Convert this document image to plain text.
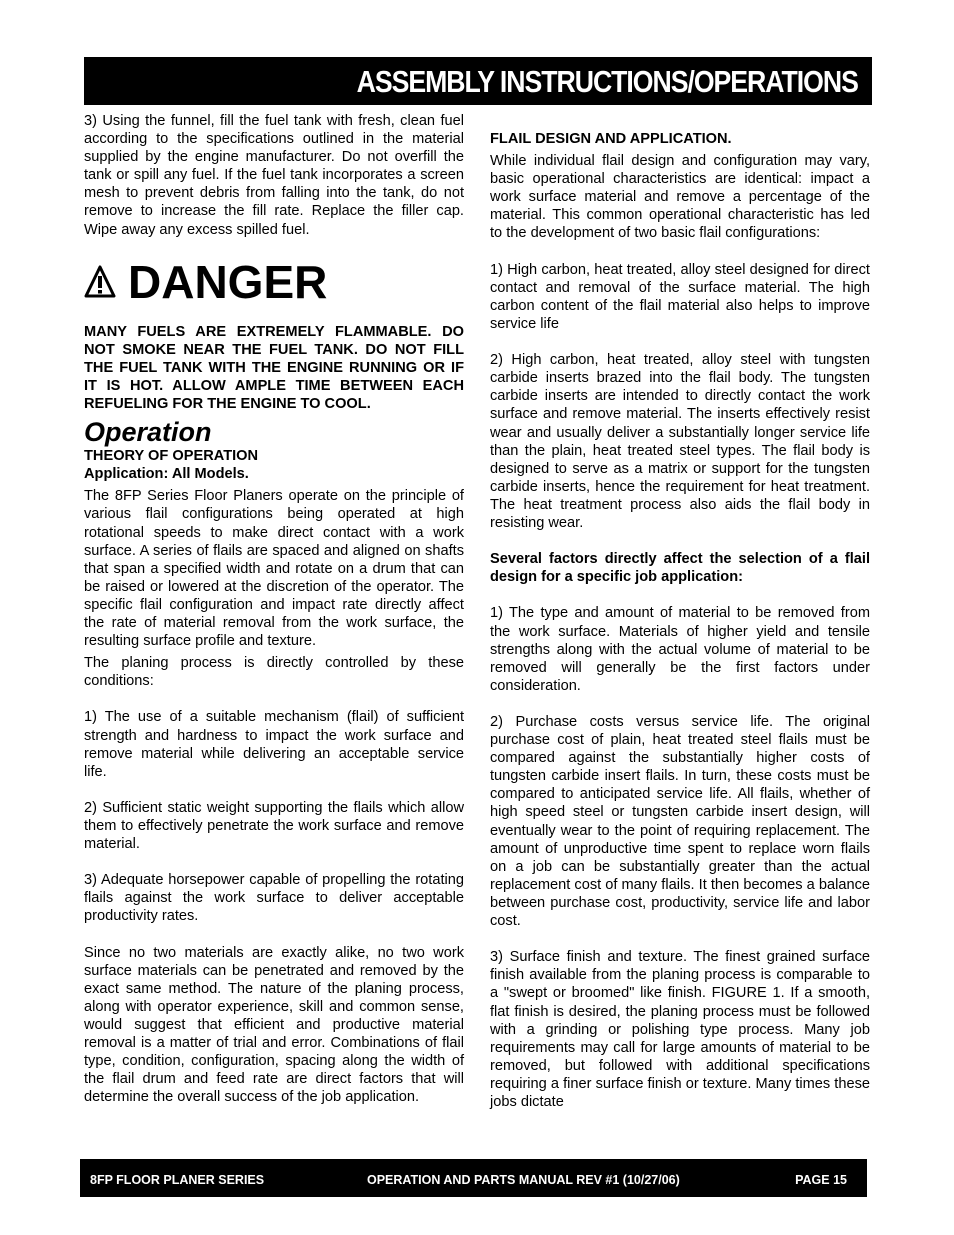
ASSEMBLY INSTRUCTIONS/OPERATIONS

3) Using the funnel, fill the fuel tank with fresh, clean fuel according to the specifications outlined in the material supplied by the engine manufacturer. Do not overfill the tank or spill any fuel. If the fuel tank incorporates a screen mesh to prevent debris from falling into the tank, do not remove to increase the fill rate. Replace the filler cap. Wipe away any excess spilled fuel.

DANGER

MANY FUELS ARE EXTREMELY FLAMMABLE. DO NOT SMOKE NEAR THE FUEL TANK. DO NOT FILL THE FUEL TANK WITH THE ENGINE RUNNING OR IF IT IS HOT. ALLOW AMPLE TIME BETWEEN EACH REFUELING FOR THE ENGINE TO COOL.

Operation
THEORY OF OPERATION
Application: All Models.

The 8FP Series Floor Planers operate on the principle of various flail configurations being operated at high rotational speeds to make direct contact with a work surface. A series of flails are spaced and aligned on shafts that span a specified width and rotate on a drum that can be raised or lowered at the discretion of the operator. The specific flail configuration and impact rate directly affect the rate of material removal from the work surface, the resulting surface profile and texture.

The planing process is directly controlled by these conditions:

1) The use of a suitable mechanism (flail) of sufficient strength and hardness to impact the work surface and remove material while delivering an acceptable service life.

2) Sufficient static weight supporting the flails which allow them to effectively penetrate the work surface and remove material.

3) Adequate horsepower capable of propelling the rotating flails against the work surface to deliver acceptable productivity rates.

Since no two materials are exactly alike, no two work surface materials can be penetrated and removed by the exact same method. The nature of the planing process, along with operator experience, skill and common sense, would suggest that efficient and productive material removal is a matter of trial and error. Combinations of flail type, condition, configuration, spacing along the width of the flail drum and feed rate are direct factors that will determine the overall success of the job application.

FLAIL DESIGN AND APPLICATION.

While individual flail design and configuration may vary, basic operational characteristics are identical: impact a work surface material and remove a percentage of the material. This common operational characteristic has led to the development of two basic flail configurations:

1) High carbon, heat treated, alloy steel designed for direct contact and removal of the surface material. The high carbon content of the flail material also helps to improve service life

2) High carbon, heat treated, alloy steel with tungsten carbide inserts brazed into the flail body. The tungsten carbide inserts are intended to directly contact the work surface and remove material. The inserts effectively resist wear and usually deliver a substantially longer service life than the plain, heat treated steel types. The flail body is designed to serve as a matrix or support for the tungsten carbide inserts, hence the requirement for heat treatment. The heat treatment process also aids the flail body in resisting wear.

Several factors directly affect the selection of a flail design for a specific job application:

1) The type and amount of material to be removed from the work surface. Materials of higher yield and tensile strengths along with the actual volume of material to be removed will generally be the first factors under consideration.

2) Purchase costs versus service life. The original purchase cost of plain, heat treated steel flails must be compared against the substantially higher costs of tungsten carbide insert flails. In turn, these costs must be compared to anticipated service life. All flails, whether of high speed steel or tungsten carbide insert design, will eventually wear to the point of requiring replacement. The amount of unproductive time spent to replace worn flails on a job can be substantially greater than the actual replacement cost of many flails. It then becomes a balance between purchase cost, productivity, service life and labor cost.

3) Surface finish and texture. The finest grained surface finish available from the planing process is comparable to a "swept or broomed" like finish. FIGURE 1. If a smooth, flat finish is desired, the planing process must be followed with a grinding or polishing type process. Many job requirements may call for large amounts of material to be removed, but followed with additional specifications requiring a finer surface finish or texture. Many times these jobs dictate

8FP FLOOR PLANER SERIES	OPERATION AND PARTS MANUAL REV #1 (10/27/06)	PAGE 15
